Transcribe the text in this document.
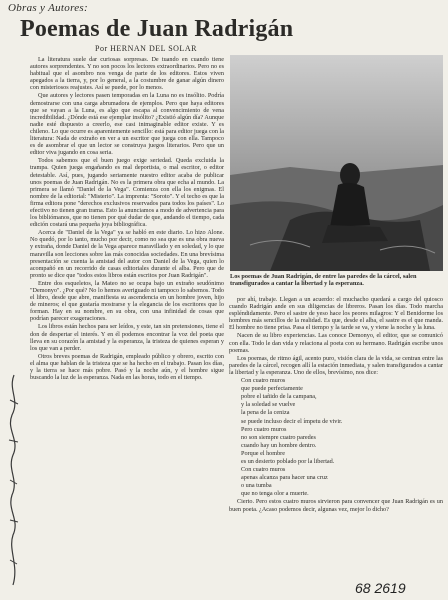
Obras y Autores:
Poemas de Juan Radrigán
Por HERNAN DEL SOLAR

La literatura suele dar curiosas sorpresas. De tuando en cuando tiene autores sorprendentes. Y no son pocos los lectores extraordinarios. Pero no es habitual que el asombro nos venga de parte de los editores. Estos viven apegados a la tierra, y, por lo general, a la costumbre de ganar algún dinero con misteriosos reajustes. Así se puede, por lo menos.

Que autores y lectores pasen temporadas en la Luna no es insólito. Podría demostrarse con una carga abrumadora de ejemplos. Pero que haya editores que se vayan a la Luna, es algo que escapa al convencimiento de vena incredibilidad. ¿Dónde está ese ejemplar insólito? ¿Existió algún día? Aunque nadie esté dispuesto a creerlo, ese casi inimaginable editor existe. Y es chileno. Lo que ocurre es aparentemente sencillo: está para editor juega con la literatura: Nada de extraño en ver a un escritor que juega con ella. Tampoco es de asombrar el que un lector se construya juegos literarios. Pero que un editor viva jugando en cosa seria.

Todos sabemos que el buen juego exige seriedad. Queda excluida la trampa. Quien juega engañando es mal deportista, o mal escritor, o editor detestable. Así, pues, jugando seriamente nuestro editor acaba de publicar unos poemas de Juan Radrigán. No es la primera obra que echa al mundo. La primera se llamó "Daniel de la Vega". Comienza con ella los enigmas. El nombre de la editorial: "Misterio". La imprenta: "Soroto". Y el techo es que la firma editora pone "derechos exclusivos reservados para todos los países". Lo efectivo no tienen gran trama. Esto la anunciamos a modo de advertencia para los bibliómanos, que no tienen por qué dudar de que, andando el tiempo, cada edición costará una pequeña joya bibliográfica.

Acerca de "Daniel de la Vega" ya se habló en este diario. Lo hizo Alone. No quedó, por lo tanto, mucho por decir, como no sea que es una obra nueva y extraña, donde Daniel de la Vega aparece maravillado y en soledad, y lo que maravilla son lecciones sobre las más conocidas sociedades. En una brevísima presentación se cuenta la amistad del autor con Daniel de la Vega, quien lo acompañó en un recorrido de casas editoriales durante el alba. Pero que de pronto se dice que "todos estos libros están escritos por Juan Radrigán".

Entre dos esqueletos, la Mateo no se ocupa bajo un extraño seudónimo "Demonyo". ¿Por qué? No lo hemos averiguado ni tampoco lo sabemos. Todo el libro, desde que abre, manifiesta su ascendencia en un hombre joven, hijo de mineros; el que gustaría mostrarse y la elegancia de los escritores que lo forman. Hay en su nombre, en su obra, con una infinidad de cosas que podrían parecer exageraciones.

Los libros están hechos para ser leídos, y este, tan sin pretensiones, tiene el don de despertar el interés. Y en él podemos encontrar la voz del poeta que lleva en su corazón la amistad y la esperanza, la tristeza de quienes esperan y los que van a perder.

Otros breves poemas de Radrigán, empleado público y obrero, escrito con el alma que hablan de la tristeza que se ha hecho en el trabajo. Pasan los días, y la tierra se hace más pobre. Pasó y la noche aún, y el hombre sigue buscando la luz de la esperanza. Nada en las horas, todo en el tiempo.

Los poemas de Juan Radrigán, de entre las paredes de la cárcel, salen transfigurados a cantar la libertad y la esperanza.

por ahí, trabaje. Llegan a un acuerdo: el muchacho quedará a cargo del quiosco cuando Radrigán ande en sus diligencias de libreros. Pasan los días. Todo marcha espléndidamente. Pero el sastre de yeso hace los peores milagros: Y el Benidorme los hombres más sencillos de la realidad. Es que, desde el alba, el sastre es el que manda. El hombre no tiene prisa. Pasa el tiempo y la tarde se va, y viene la noche y la luna.

Nacen de su libro experiencias. Las conoce Demonyo, el editor, que se comunicó con ella. Todo le dan vida y relaciona al poeta con su hermano. Radrigán escribe unos poemas.

Los poemas, de ritmo ágil, acento puro, visión clara de la vida, se centran entre las paredes de la cárcel, recogen allí la estación inmediata, y salen transfigurados a cantar la libertad y la esperanza. Uno de ellos, brevísimo, nos dice:

Con cuatro muros

que puede perfectamente

pobre el tañido de la campana,

y la soledad se vuelve

la pena de la ceniza

se puede incluso decir el ímpetu de vivir.

Pero cuatro muros

no son siempre cuatro paredes

cuando hay un hombre dentro.

Porque el hombre

es un desierto poblado por la libertad.

Con cuatro muros

apenas alcanza para hacer una cruz

o una tumba

que no tenga olor a muerte.

Cierto. Pero estos cuatro muros sirvieron para convencer que Juan Radrigán es un buen poeta. ¿Acaso podemos decir, algunas vez, mejor lo dicho?

68 2619
